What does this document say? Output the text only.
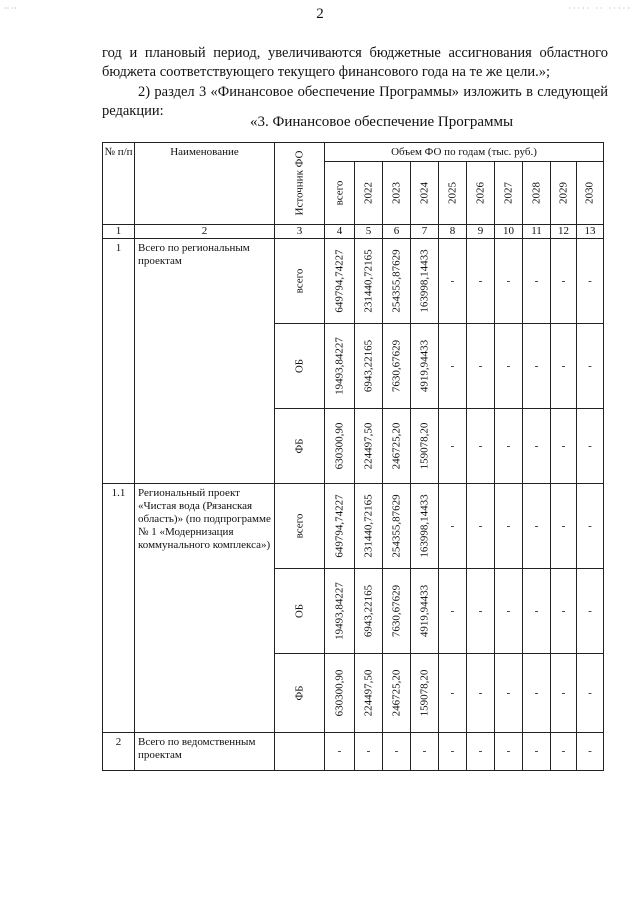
·· ··	····· ·· ·····
2
год и плановый период, увеличиваются бюджетные ассигнования областного бюджета соответствующего текущего финансового года на те же цели.»;
2) раздел 3 «Финансовое обеспечение Программы» изложить в следующей редакции:
«3. Финансовое обеспечение Программы
№ п/п	Наименование	Источник ФО	Объем ФО по годам (тыс. руб.)									

			всего	2022	2023	2024	2025	2026	2027	2028	2029	2030

1	2	3	4	5	6	7	8	9	10	11	12	13
1	Всего по региональным проектам	всего	649794,74227	231440,72165	254355,87629	163998,14433	-	-	-	-	-	-

		ОБ	19493,84227	6943,22165	7630,67629	4919,94433	-	-	-	-	-	-

		ФБ	630300,90	224497,50	246725,20	159078,20	-	-	-	-	-	-
1.1	Региональный проект «Чистая вода (Рязанская область)» (по подпрограмме № 1 «Модернизация коммунального комплекса»)	всего	649794,74227	231440,72165	254355,87629	163998,14433	-	-	-	-	-	-

		ОБ	19493,84227	6943,22165	7630,67629	4919,94433	-	-	-	-	-	-

		ФБ	630300,90	224497,50	246725,20	159078,20	-	-	-	-	-	-
2	Всего по ведомственным проектам		-	-	-	-	-	-	-	-	-	-
